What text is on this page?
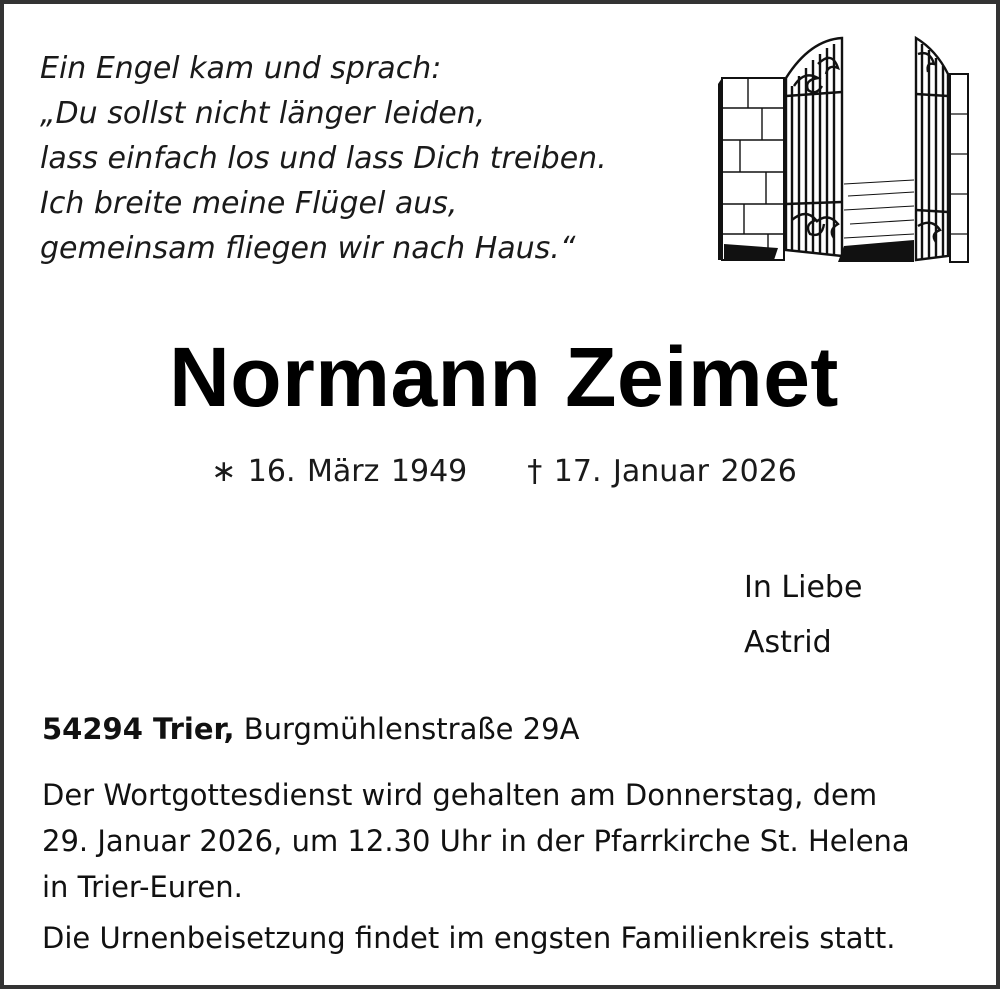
Ein Engel kam und sprach:
„Du sollst nicht länger leiden,
lass einfach los und lass Dich treiben.
Ich breite meine Flügel aus,
gemeinsam fliegen wir nach Haus.“
Normann Zeimet
∗ 16. März 1949 † 17. Januar 2026
In Liebe
Astrid
54294 Trier, Burgmühlenstraße 29A
Der Wortgottesdienst wird gehalten am Donnerstag, dem
29. Januar 2026, um 12.30 Uhr in der Pfarrkirche St. Helena
in Trier-Euren.
Die Urnenbeisetzung findet im engsten Familienkreis statt.
